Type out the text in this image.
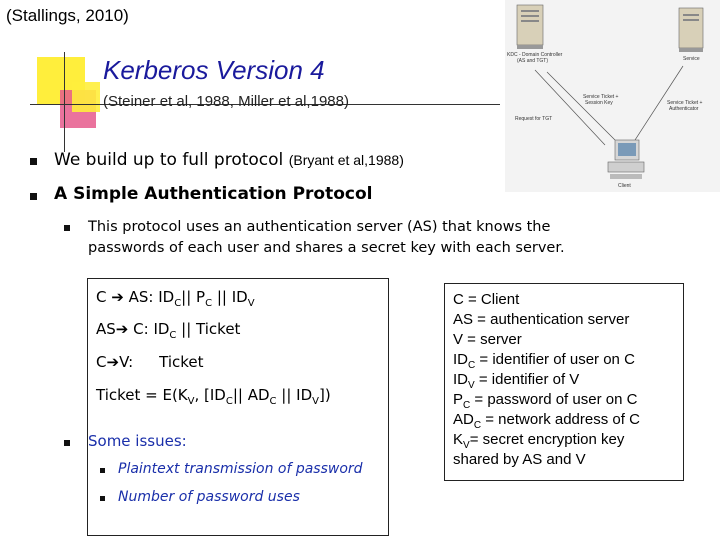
(Stallings, 2010)
Kerberos Version 4
(Steiner et al, 1988, Miller et al,1988)
We build up to full protocol (Bryant et al,1988)
A Simple Authentication Protocol
This protocol uses an authentication server (AS) that knows the
passwords of each user and shares a secret key with each server.
C ➔ AS: $ID_C||$ $P_C$ || $ID_V$
AS➔ C: $ID_C$ || Ticket
C➔V: Ticket
Ticket = $E(K_V$, [$ID_C||$ $AD_C$ || $ID_V$])
Some issues:
Plaintext transmission of password
Number of password uses
C = Client
AS = authentication server
V = server
$ID_C$ = identifier of user on C
$ID_V$ = identifier of V
$P_C$ = password of user on C
$AD_C$ = network address of C
$K_V=$ secret encryption key
shared by AS and V
KDC - Domain Controller
(AS and TGT)	Service
Service Ticket +
Session Key
Request for TGT
Service Ticket +
Authenticator
Client
